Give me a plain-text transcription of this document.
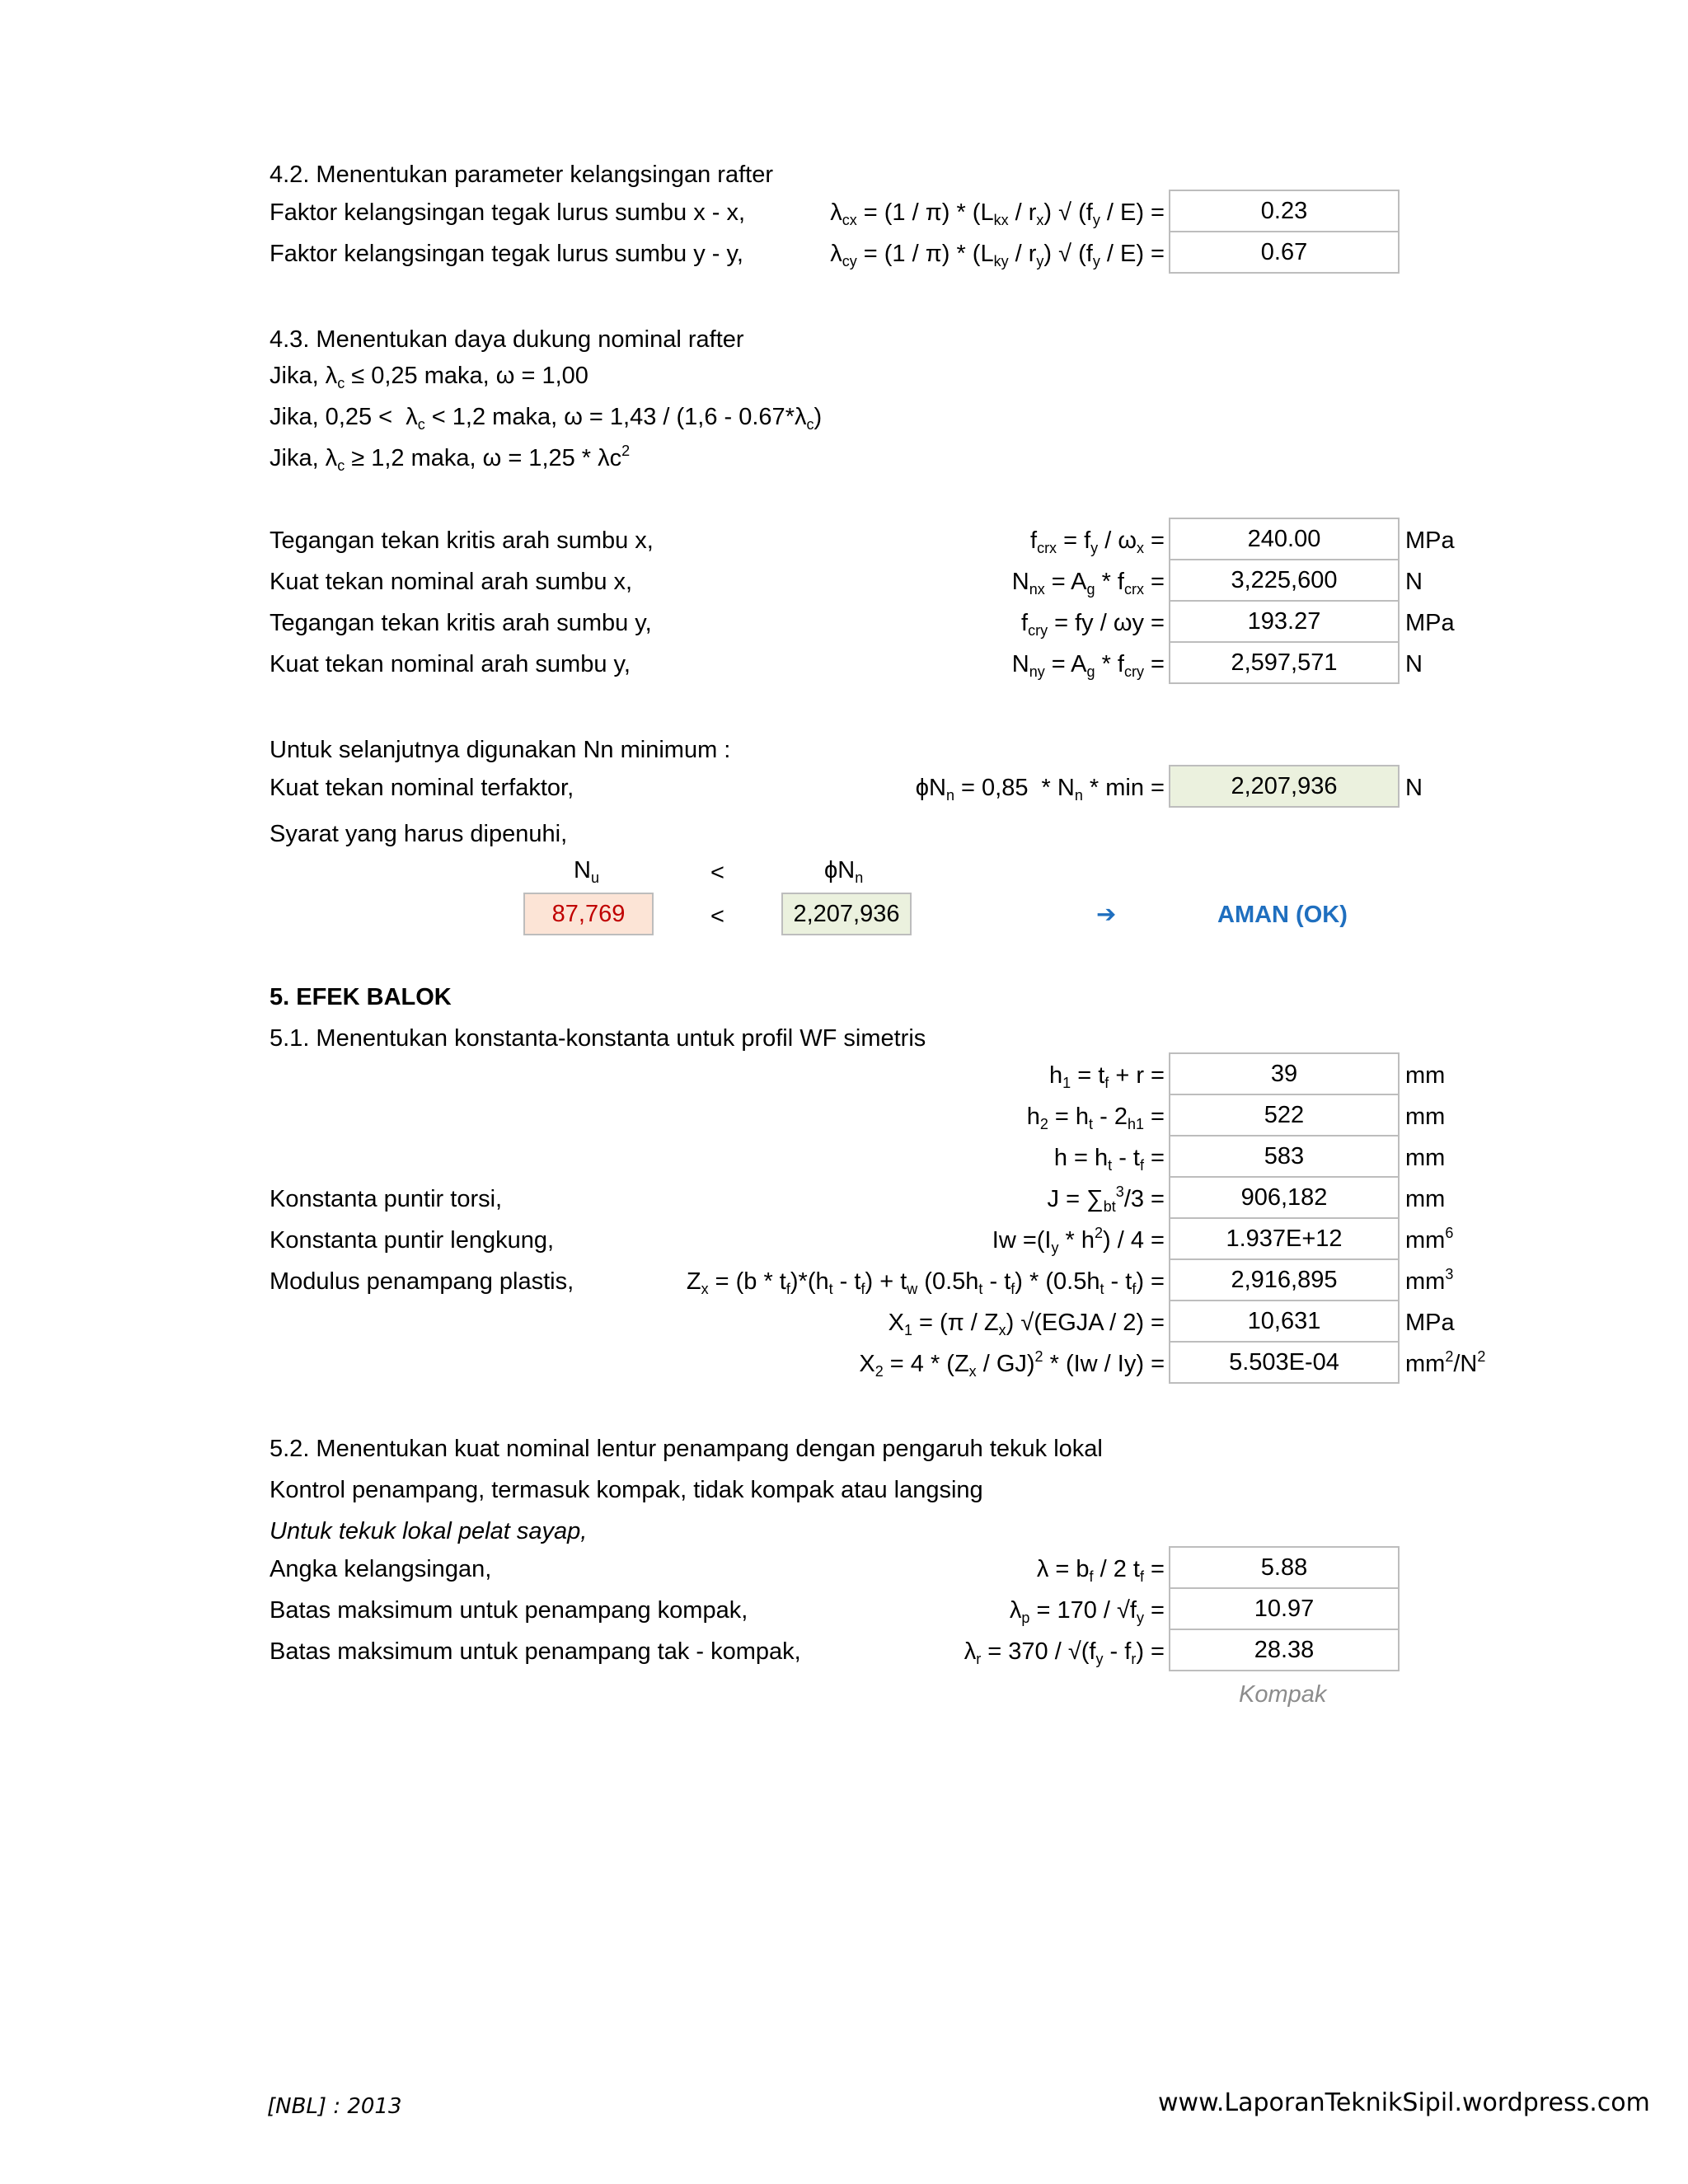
4.2. Menentukan parameter kelangsingan rafter
Faktor kelangsingan tegak lurus sumbu x - x,	$\lambda_{cx} = (1 / \pi) * (L_{kx} / r_x)$ √ $(f_y / E)$ =	0.23
Faktor kelangsingan tegak lurus sumbu y - y,	$\lambda_{cy} = (1 / \pi) * (L_{ky} / r_y)$ √ $(f_y / E)$ =	0.67
4.3. Menentukan daya dukung nominal rafter
Jika, $\lambda_c \le 0,25$ maka, ω = 1,00
Jika, $0,25 < \lambda_c < 1,2$ maka, $\omega = 1,43 / (1,6 - 0.67*\lambda_c)$
Jika, $\lambda_c \ge 1,2$ maka, $\omega = 1,25 * \lambda c^2$
Tegangan tekan kritis arah sumbu x,	$f_{crx} = f_y / \omega_x$ =	240.00	MPa
Kuat tekan nominal arah sumbu x,	$N_{nx} = A_g * f_{crx}$ =	3,225,600	N
Tegangan tekan kritis arah sumbu y,	$f_{cry}$ = fy / ωy =	193.27	MPa
Kuat tekan nominal arah sumbu y,	$N_{ny} = A_g * f_{cry}$ =	2,597,571	N
Untuk selanjutnya digunakan Nn minimum :
Kuat tekan nominal terfaktor,	$\phi N_n = 0,85 * N_n * \min$ =	2,207,936	N
Syarat yang harus dipenuhi,
$N_u$	<	$\phi N_n$
87,769	<	2,207,936	➔	AMAN (OK)
5. EFEK BALOK
5.1. Menentukan konstanta-konstanta untuk profil WF simetris
$h_1 = t_f + r$ =	39	mm
$h_2 = h_t - 2_{h1}$ =	522	mm
$h = h_t - t_f$ =	583	mm
Konstanta puntir torsi,	$J = \sum_{bt}^3/3$ =	906,182	mm
Konstanta puntir lengkung,	$Iw =(I_y * h^2) / 4$ =	1.937E+12	$mm^6$
Modulus penampang plastis,	$Z_x = (b * t_f)*(h_t - t_f) + t_w$ $(0.5h_t - t_f) * (0.5h_t - t_f)$ =	2,916,895	$mm^3$
$X_1 = (\pi / Z_x)$ √(EGJA / 2) =	10,631	MPa
$X_2 = 4 * (Z_x / GJ)^2 * (Iw / Iy)$ =	5.503E-04	$mm^2/N^2$
5.2. Menentukan kuat nominal lentur penampang dengan pengaruh tekuk lokal
Kontrol penampang, termasuk kompak, tidak kompak atau langsing
Untuk tekuk lokal pelat sayap,
Angka kelangsingan,	$\lambda = b_f / 2$ $t_f$ =	5.88
Batas maksimum untuk penampang kompak,	$\lambda_p = 170 / √f_y$ =	10.97
Batas maksimum untuk penampang tak - kompak,	$\lambda_r = 370 / √(f_y - f_r)$ =	28.38
Kompak
[NBL] : 2013	www.LaporanTeknikSipil.wordpress.com
